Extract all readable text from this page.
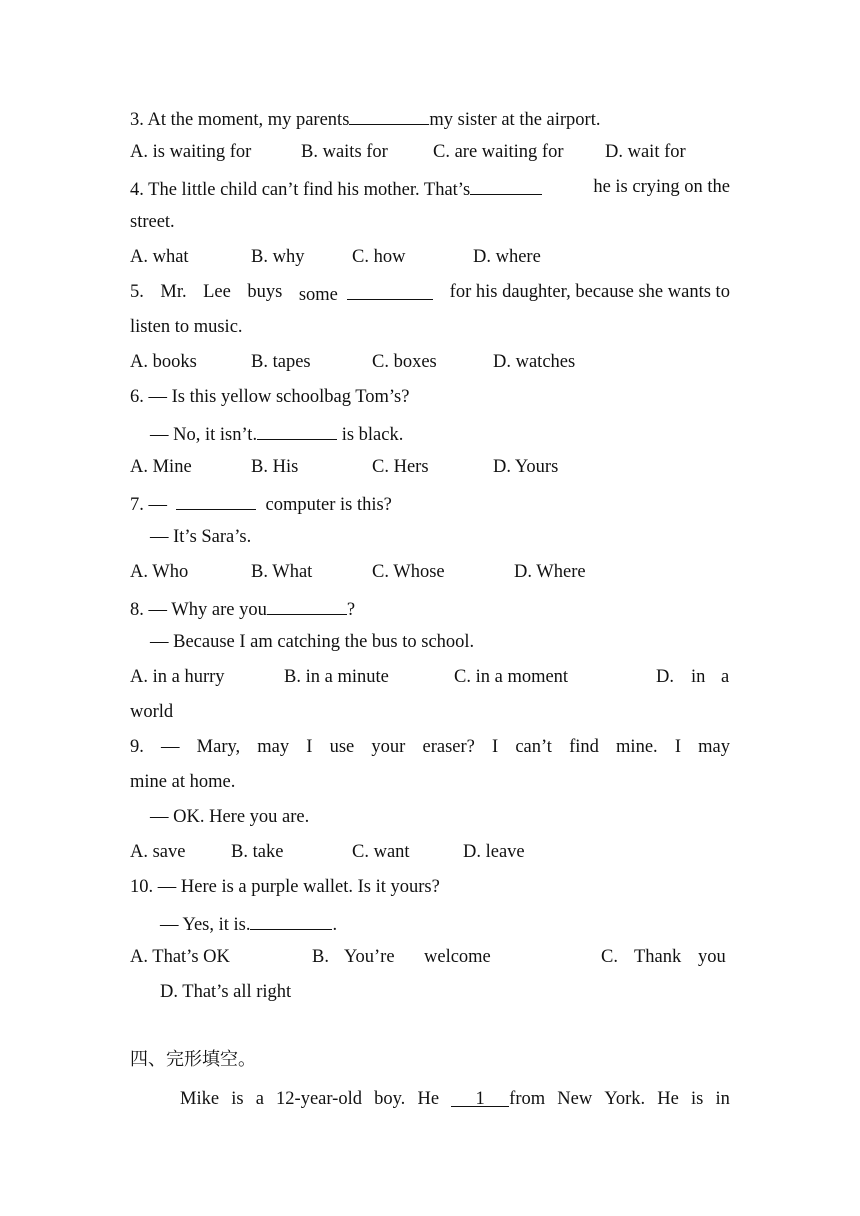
3. At the moment, my parents	my sister at the airport.

A. is waiting for

	B. waits for

C. are waiting for

D. wait for

4. The little child can’t find his mother. That’s	he is crying on the

street.

A. what

	B. why

	C. how

	D. where

5. Mr. Lee buys some	for his daughter, because she wants to

listen to music.

A. books

	B. tapes

	C. boxes

	D. watches

6. — Is this yellow schoolbag Tom’s?

— No, it isn’t.	is black.

A. Mine

	B. His

	C. Hers

	D. Yours

7. —	computer is this?

— It’s Sara’s.

A. Who

	B. What

	C. Whose

	D. Where

8. — Why are you	?

— Because I am catching the bus to school.

A. in a hurry

	B. in a minute

	C. in a moment

	D.

in

a

world

9. — Mary, may I use your eraser? I can’t find mine. I may

mine at home.

— OK. Here you are.

A. save

B. take

	C. want

	D. leave

10. — Here is a purple wallet. Is it yours?

— Yes, it is.	.

A. That’s OK

	B.

You’re

welcome

	C.

Thank

you

D. That’s all right

四、完形填空。

Mike is a 12-year-old boy. He	1 from New York. He is in
